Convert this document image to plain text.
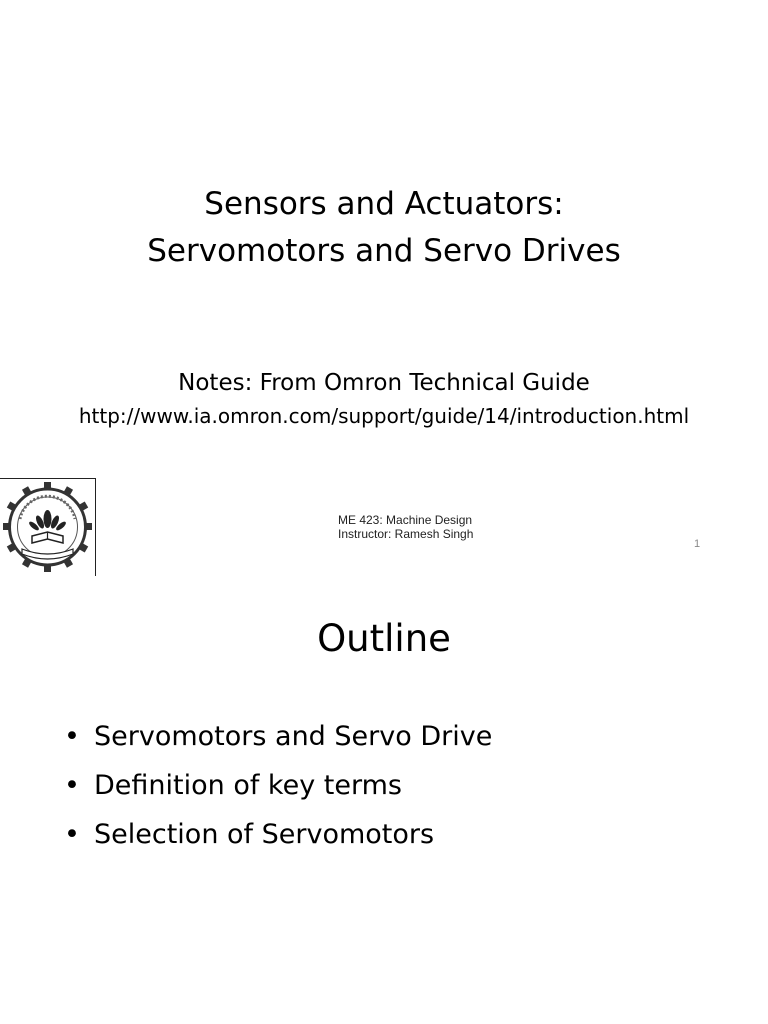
Sensors and Actuators:
Servomotors and Servo Drives
Notes: From Omron Technical Guide
http://www.ia.omron.com/support/guide/14/introduction.html
ME 423: Machine Design
Instructor: Ramesh Singh
1
Outline
• Servomotors and Servo Drive
• Definition of key terms
• Selection of Servomotors
